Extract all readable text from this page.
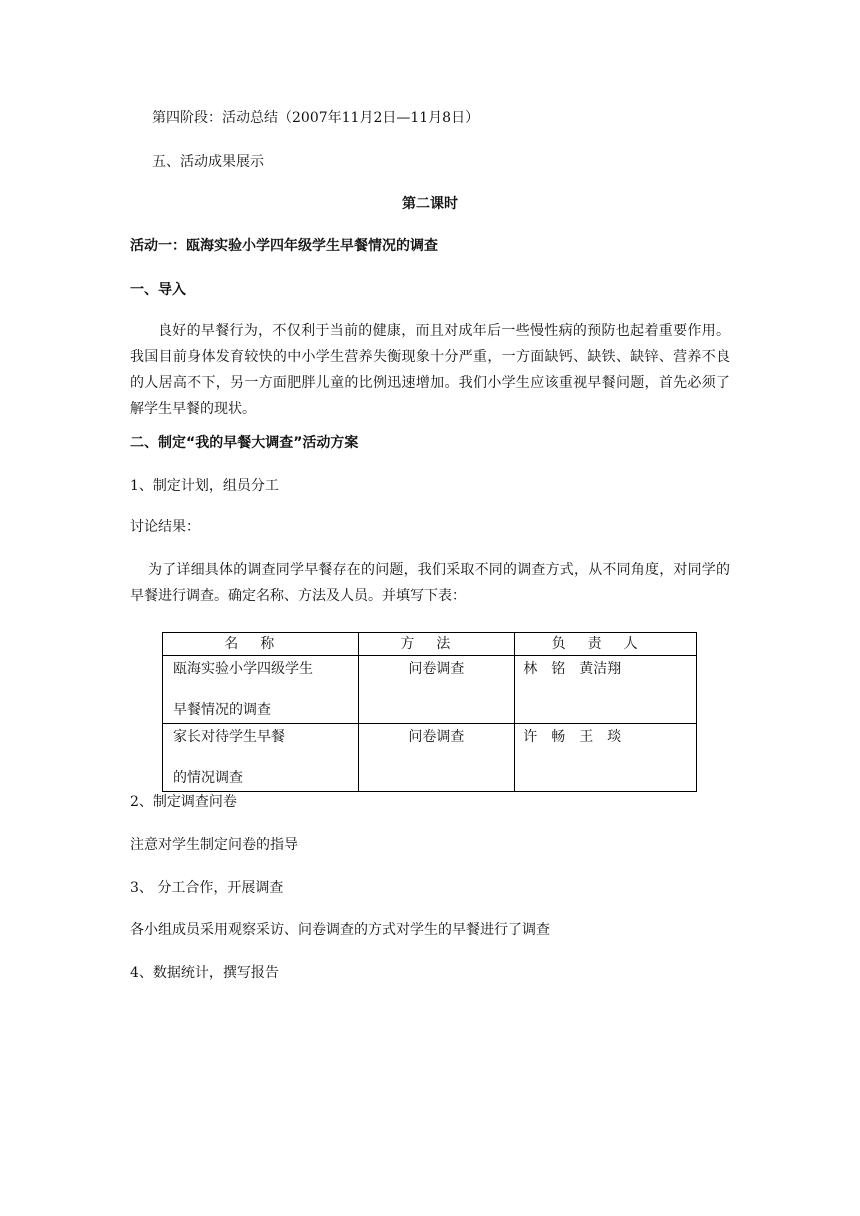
第四阶段：活动总结（2007年11月2日—11月8日）
五、活动成果展示
第二课时
活动一：瓯海实验小学四年级学生早餐情况的调查
一、导入
良好的早餐行为，不仅利于当前的健康，而且对成年后一些慢性病的预防也起着重要作用。我国目前身体发育较快的中小学生营养失衡现象十分严重，一方面缺钙、缺铁、缺锌、营养不良的人居高不下，另一方面肥胖儿童的比例迅速增加。我们小学生应该重视早餐问题，首先必须了解学生早餐的现状。
二、制定“我的早餐大调查”活动方案
1、制定计划，组员分工
讨论结果：
为了详细具体的调查同学早餐存在的问题，我们采取不同的调查方式，从不同角度，对同学的早餐进行调查。确定名称、方法及人员。并填写下表：
名称	方法	负责人

瓯海实验小学四级学生
早餐情况的调查	问卷调查	林　铭　黄洁翔

家长对待学生早餐
的情况调查	问卷调查	许　畅　王　琰
2、制定调查问卷
注意对学生制定问卷的指导
3、 分工合作，开展调查
各小组成员采用观察采访、问卷调查的方式对学生的早餐进行了调查
4、数据统计，撰写报告
